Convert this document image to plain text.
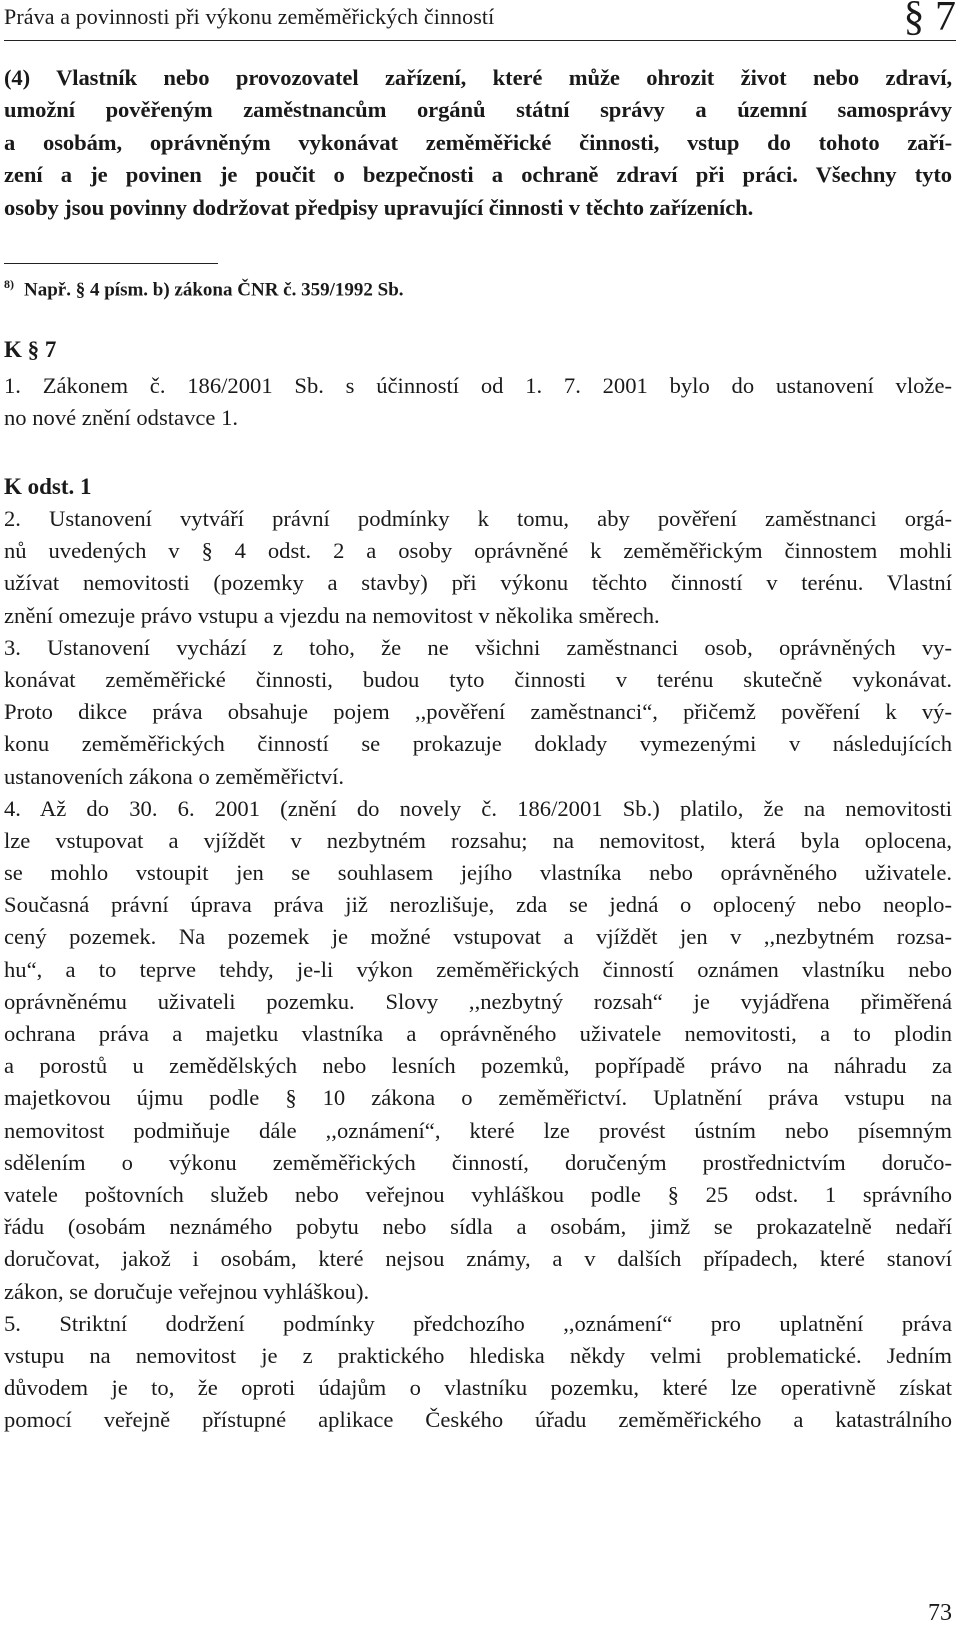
Práva a povinnosti při výkonu zeměměřických činností	§ 7
(4) Vlastník nebo provozovatel zařízení, které může ohrozit život nebo zdraví,
umožní pověřeným zaměstnancům orgánů státní správy a územní samosprávy
a osobám, oprávněným vykonávat zeměměřické činnosti, vstup do tohoto zaří-
zení a je povinen je poučit o bezpečnosti a ochraně zdraví při práci. Všechny tyto
osoby jsou povinny dodržovat předpisy upravující činnosti v těchto zařízeních.
$^{8)}$ Např. § 4 písm. b) zákona ČNR č. 359/1992 Sb.
K § 7
1. Zákonem č. 186/2001 Sb. s účinností od 1. 7. 2001 bylo do ustanovení vlože-
no nové znění odstavce 1.
K odst. 1
2. Ustanovení vytváří právní podmínky k tomu, aby pověření zaměstnanci orgá-
nů uvedených v § 4 odst. 2 a osoby oprávněné k zeměměřickým činnostem mohli
užívat nemovitosti (pozemky a stavby) při výkonu těchto činností v terénu. Vlastní
znění omezuje právo vstupu a vjezdu na nemovitost v několika směrech.
3. Ustanovení vychází z toho, že ne všichni zaměstnanci osob, oprávněných vy-
konávat zeměměřické činnosti, budou tyto činnosti v terénu skutečně vykonávat.
Proto dikce práva obsahuje pojem ,,pověření zaměstnanci“, přičemž pověření k vý-
konu zeměměřických činností se prokazuje doklady vymezenými v následujících
ustanoveních zákona o zeměměřictví.
4. Až do 30. 6. 2001 (znění do novely č. 186/2001 Sb.) platilo, že na nemovitosti
lze vstupovat a vjíždět v nezbytném rozsahu; na nemovitost, která byla oplocena,
se mohlo vstoupit jen se souhlasem jejího vlastníka nebo oprávněného uživatele.
Současná právní úprava práva již nerozlišuje, zda se jedná o oplocený nebo neoplo-
cený pozemek. Na pozemek je možné vstupovat a vjíždět jen v ,,nezbytném rozsa-
hu“, a to teprve tehdy, je-li výkon zeměměřických činností oznámen vlastníku nebo
oprávněnému uživateli pozemku. Slovy ,,nezbytný rozsah“ je vyjádřena přiměřená
ochrana práva a majetku vlastníka a oprávněného uživatele nemovitosti, a to plodin
a porostů u zemědělských nebo lesních pozemků, popřípadě právo na náhradu za
majetkovou újmu podle § 10 zákona o zeměměřictví. Uplatnění práva vstupu na
nemovitost podmiňuje dále ,,oznámení“, které lze provést ústním nebo písemným
sdělením o výkonu zeměměřických činností, doručeným prostřednictvím doručo-
vatele poštovních služeb nebo veřejnou vyhláškou podle § 25 odst. 1 správního
řádu (osobám neznámého pobytu nebo sídla a osobám, jimž se prokazatelně nedaří
doručovat, jakož i osobám, které nejsou známy, a v dalších případech, které stanoví
zákon, se doručuje veřejnou vyhláškou).
5. Striktní dodržení podmínky předchozího ,,oznámení“ pro uplatnění práva
vstupu na nemovitost je z praktického hlediska někdy velmi problematické. Jedním
důvodem je to, že oproti údajům o vlastníku pozemku, které lze operativně získat
pomocí veřejně přístupné aplikace Českého úřadu zeměměřického a katastrálního
73
